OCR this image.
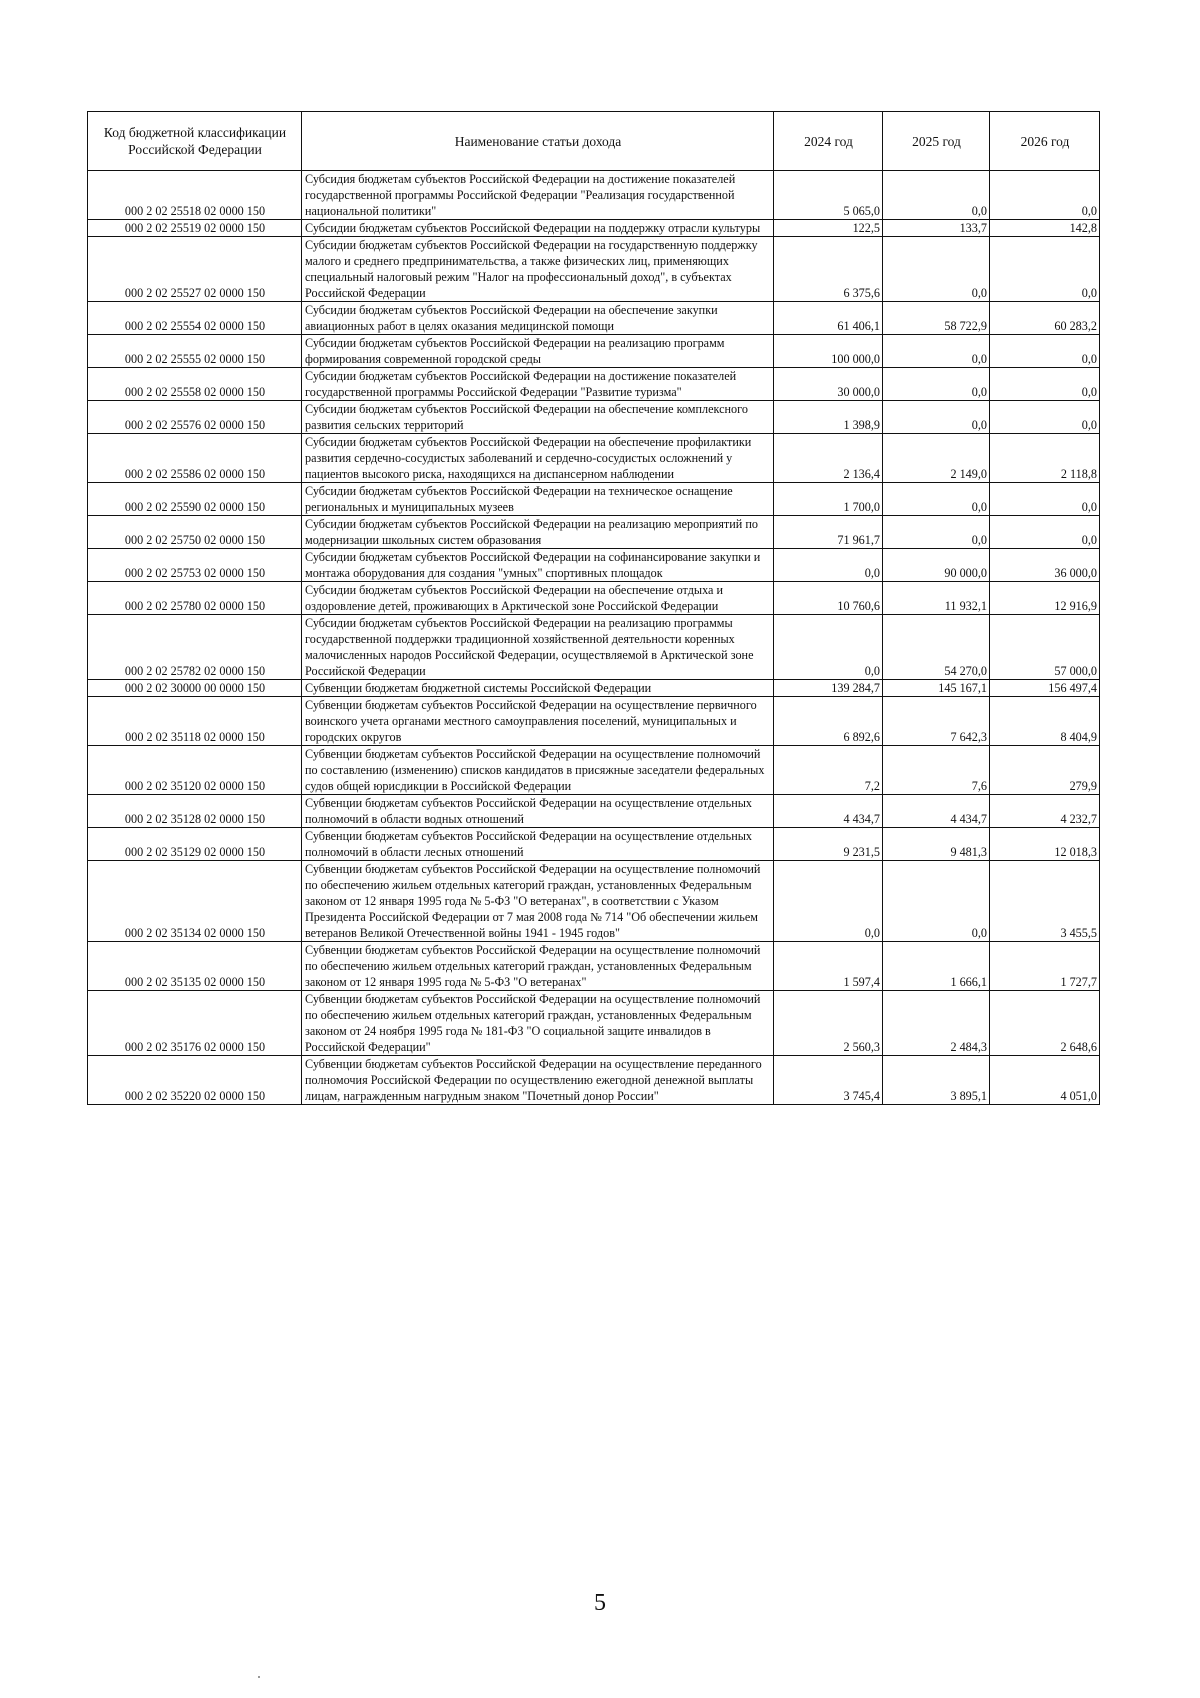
Код бюджетной классификации Российской Федерации	Наименование статьи дохода	2024 год	2025 год	2026 год
000 2 02 25518 02 0000 150	Субсидия бюджетам субъектов Российской Федерации на достижение показателей государственной программы Российской Федерации "Реализация государственной национальной политики"	5 065,0	0,0	0,0
000 2 02 25519 02 0000 150	Субсидии бюджетам субъектов Российской Федерации на поддержку отрасли культуры	122,5	133,7	142,8
000 2 02 25527 02 0000 150	Субсидии бюджетам субъектов Российской Федерации на государственную поддержку малого и среднего предпринимательства, а также физических лиц, применяющих специальный налоговый режим "Налог на профессиональный доход", в субъектах Российской Федерации	6 375,6	0,0	0,0
000 2 02 25554 02 0000 150	Субсидии бюджетам субъектов Российской Федерации на обеспечение закупки авиационных работ в целях оказания медицинской помощи	61 406,1	58 722,9	60 283,2
000 2 02 25555 02 0000 150	Субсидии бюджетам субъектов Российской Федерации на реализацию программ формирования современной городской среды	100 000,0	0,0	0,0
000 2 02 25558 02 0000 150	Субсидии бюджетам субъектов Российской Федерации на достижение показателей государственной программы Российской Федерации "Развитие туризма"	30 000,0	0,0	0,0
000 2 02 25576 02 0000 150	Субсидии бюджетам субъектов Российской Федерации на обеспечение комплексного развития сельских территорий	1 398,9	0,0	0,0
000 2 02 25586 02 0000 150	Субсидии бюджетам субъектов Российской Федерации на обеспечение профилактики развития сердечно-сосудистых заболеваний и сердечно-сосудистых осложнений у пациентов высокого риска, находящихся на диспансерном наблюдении	2 136,4	2 149,0	2 118,8
000 2 02 25590 02 0000 150	Субсидии бюджетам субъектов Российской Федерации на техническое оснащение региональных и муниципальных музеев	1 700,0	0,0	0,0
000 2 02 25750 02 0000 150	Субсидии бюджетам субъектов Российской Федерации на реализацию мероприятий по модернизации школьных систем образования	71 961,7	0,0	0,0
000 2 02 25753 02 0000 150	Субсидии бюджетам субъектов Российской Федерации на софинансирование закупки и монтажа оборудования для создания "умных" спортивных площадок	0,0	90 000,0	36 000,0
000 2 02 25780 02 0000 150	Субсидии бюджетам субъектов Российской Федерации на обеспечение отдыха и оздоровление детей, проживающих в Арктической зоне Российской Федерации	10 760,6	11 932,1	12 916,9
000 2 02 25782 02 0000 150	Субсидии бюджетам субъектов Российской Федерации на реализацию программы государственной поддержки традиционной хозяйственной деятельности коренных малочисленных народов Российской Федерации, осуществляемой в Арктической зоне Российской Федерации	0,0	54 270,0	57 000,0
000 2 02 30000 00 0000 150	Субвенции бюджетам бюджетной системы Российской Федерации	139 284,7	145 167,1	156 497,4
000 2 02 35118 02 0000 150	Субвенции бюджетам субъектов Российской Федерации на осуществление первичного воинского учета органами местного самоуправления поселений, муниципальных и городских округов	6 892,6	7 642,3	8 404,9
000 2 02 35120 02 0000 150	Субвенции бюджетам субъектов Российской Федерации на осуществление полномочий по составлению (изменению) списков кандидатов в присяжные заседатели федеральных судов общей юрисдикции в Российской Федерации	7,2	7,6	279,9
000 2 02 35128 02 0000 150	Субвенции бюджетам субъектов Российской Федерации на осуществление отдельных полномочий в области водных отношений	4 434,7	4 434,7	4 232,7
000 2 02 35129 02 0000 150	Субвенции бюджетам субъектов Российской Федерации на осуществление отдельных полномочий в области лесных отношений	9 231,5	9 481,3	12 018,3
000 2 02 35134 02 0000 150	Субвенции бюджетам субъектов Российской Федерации на осуществление полномочий по обеспечению жильем отдельных категорий граждан, установленных Федеральным законом от 12 января 1995 года № 5-ФЗ "О ветеранах", в соответствии с Указом Президента Российской Федерации от 7 мая 2008 года № 714 "Об обеспечении жильем ветеранов Великой Отечественной войны 1941 - 1945 годов"	0,0	0,0	3 455,5
000 2 02 35135 02 0000 150	Субвенции бюджетам субъектов Российской Федерации на осуществление полномочий по обеспечению жильем отдельных категорий граждан, установленных Федеральным законом от 12 января 1995 года № 5-ФЗ "О ветеранах"	1 597,4	1 666,1	1 727,7
000 2 02 35176 02 0000 150	Субвенции бюджетам субъектов Российской Федерации на осуществление полномочий по обеспечению жильем отдельных категорий граждан, установленных Федеральным законом от 24 ноября 1995 года № 181-ФЗ "О социальной защите инвалидов в Российской Федерации"	2 560,3	2 484,3	2 648,6
000 2 02 35220 02 0000 150	Субвенции бюджетам субъектов Российской Федерации на осуществление переданного полномочия Российской Федерации по осуществлению ежегодной денежной выплаты лицам, награжденным нагрудным знаком "Почетный донор России"	3 745,4	3 895,1	4 051,0
5
